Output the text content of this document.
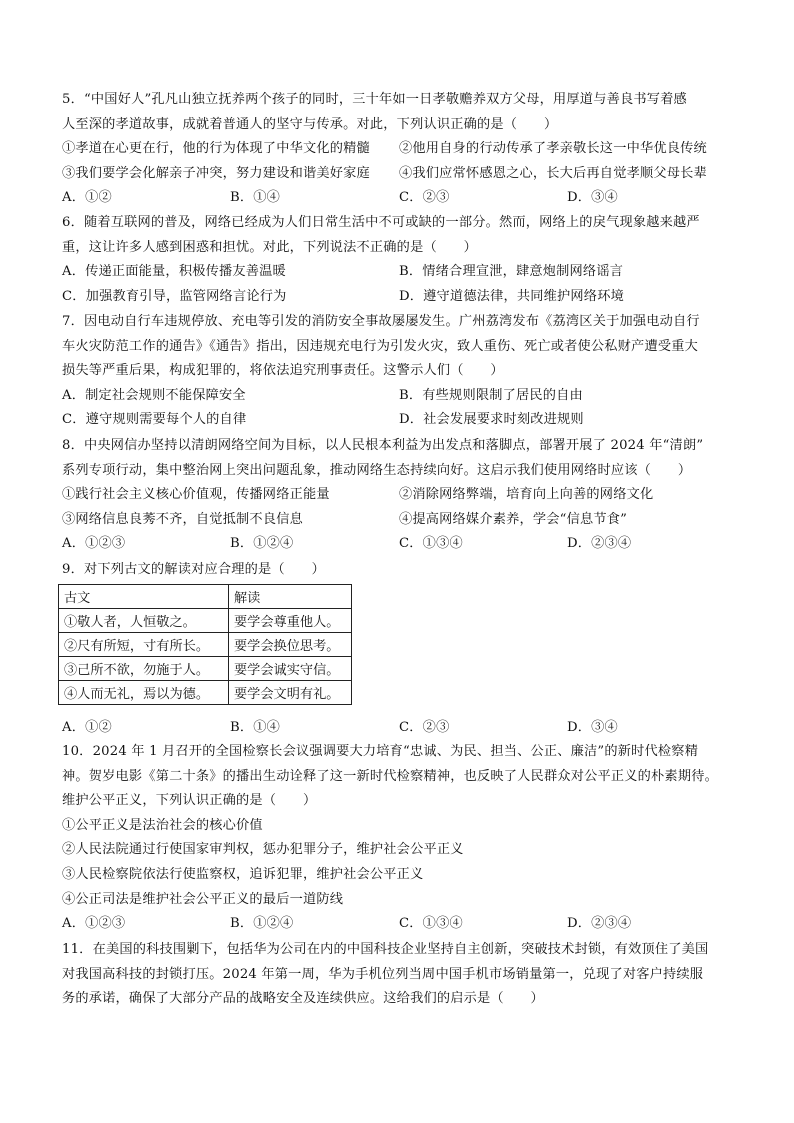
5．“中国好人”孔凡山独立抚养两个孩子的同时，三十年如一日孝敬赡养双方父母，用厚道与善良书写着感
人至深的孝道故事，成就着普通人的坚守与传承。对此，下列认识正确的是（　　）
①孝道在心更在行，他的行为体现了中华文化的精髓 ②他用自身的行动传承了孝亲敬长这一中华优良传统
③我们要学会化解亲子冲突，努力建设和谐美好家庭 ④我们应常怀感恩之心，长大后再自觉孝顺父母长辈
A．①②	B．①④	C．②③	D．③④
6．随着互联网的普及，网络已经成为人们日常生活中不可或缺的一部分。然而，网络上的戾气现象越来越严
重，这让许多人感到困惑和担忧。对此，下列说法不正确的是（　　）
A．传递正面能量，积极传播友善温暖	B．情绪合理宣泄，肆意炮制网络谣言
C．加强教育引导，监管网络言论行为	D．遵守道德法律，共同维护网络环境
7．因电动自行车违规停放、充电等引发的消防安全事故屡屡发生。广州荔湾发布《荔湾区关于加强电动自行
车火灾防范工作的通告》《通告》指出，因违规充电行为引发火灾，致人重伤、死亡或者使公私财产遭受重大
损失等严重后果，构成犯罪的，将依法追究刑事责任。这警示人们（　　）
A．制定社会规则不能保障安全	B．有些规则限制了居民的自由
C．遵守规则需要每个人的自律	D．社会发展要求时刻改进规则
8．中央网信办坚持以清朗网络空间为目标，以人民根本利益为出发点和落脚点，部署开展了 2024 年“清朗”
系列专项行动，集中整治网上突出问题乱象，推动网络生态持续向好。这启示我们使用网络时应该（　　）
①践行社会主义核心价值观，传播网络正能量	②消除网络弊端，培育向上向善的网络文化
③网络信息良莠不齐，自觉抵制不良信息	④提高网络媒介素养，学会“信息节食”
A．①②③	B．①②④	C．①③④	D．②③④
9．对下列古文的解读对应合理的是（　　）
古文	解读
①敬人者，人恒敬之。	要学会尊重他人。
②尺有所短，寸有所长。	要学会换位思考。
③己所不欲，勿施于人。	要学会诚实守信。
④人而无礼，焉以为德。	要学会文明有礼。
A．①②	B．①④	C．②③	D．③④
10．2024 年 1 月召开的全国检察长会议强调要大力培育“忠诚、为民、担当、公正、廉洁”的新时代检察精
神。贺岁电影《第二十条》的播出生动诠释了这一新时代检察精神，也反映了人民群众对公平正义的朴素期待。
维护公平正义，下列认识正确的是（　　）
①公平正义是法治社会的核心价值
②人民法院通过行使国家审判权，惩办犯罪分子，维护社会公平正义
③人民检察院依法行使监察权，追诉犯罪，维护社会公平正义
④公正司法是维护社会公平正义的最后一道防线
A．①②③	B．①②④	C．①③④	D．②③④
11．在美国的科技围剿下，包括华为公司在内的中国科技企业坚持自主创新，突破技术封锁，有效顶住了美国
对我国高科技的封锁打压。2024 年第一周，华为手机位列当周中国手机市场销量第一，兑现了对客户持续服
务的承诺，确保了大部分产品的战略安全及连续供应。这给我们的启示是（　　）
